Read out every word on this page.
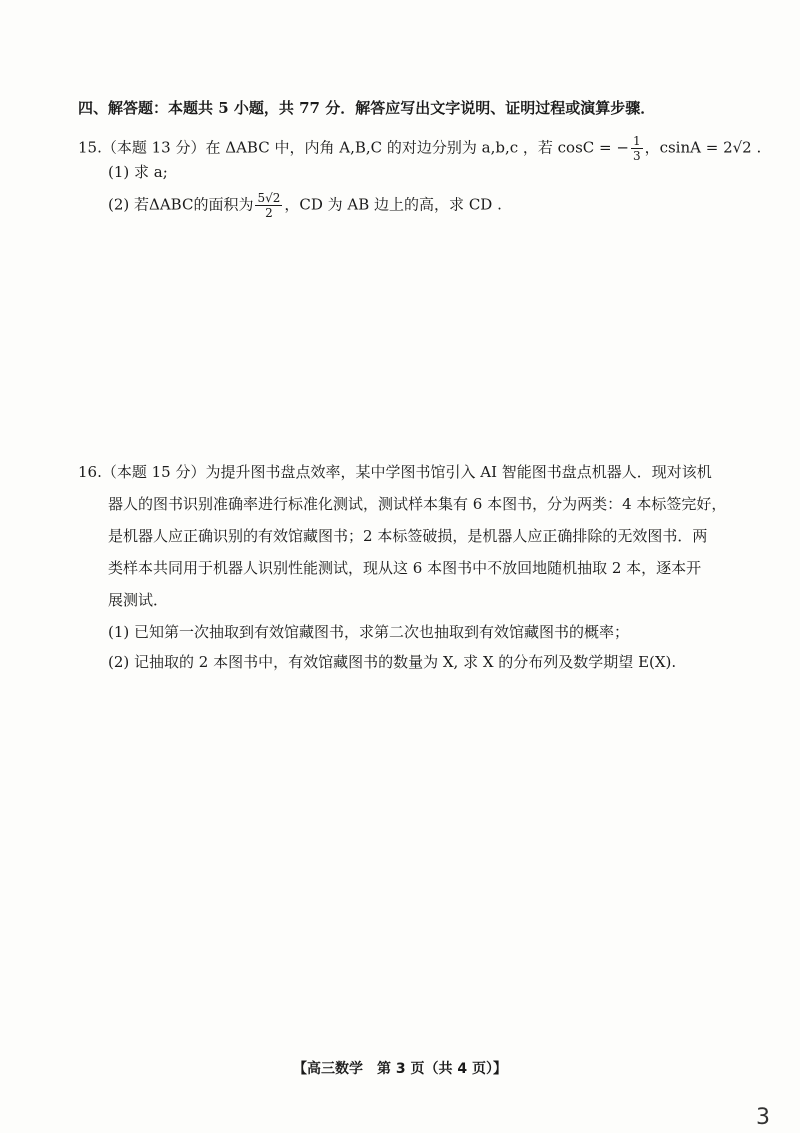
四、解答题：本题共 5 小题，共 77 分．解答应写出文字说明、证明过程或演算步骤．
15.（本题 13 分）在 ΔABC 中，内角 A,B,C 的对边分别为 a,b,c ，若 cosC = − $\frac{1}{3}$ ，csinA = 2√2 .
(1) 求 a;
(2) 若ΔABC的面积为 $\frac{5√2}{2}$ ，CD 为 AB 边上的高，求 CD .
16.（本题 15 分）为提升图书盘点效率，某中学图书馆引入 AI 智能图书盘点机器人．现对该机
器人的图书识别准确率进行标准化测试，测试样本集有 6 本图书，分为两类：4 本标签完好，
是机器人应正确识别的有效馆藏图书；2 本标签破损，是机器人应正确排除的无效图书．两
类样本共同用于机器人识别性能测试，现从这 6 本图书中不放回地随机抽取 2 本，逐本开
展测试．
(1) 已知第一次抽取到有效馆藏图书，求第二次也抽取到有效馆藏图书的概率；
(2) 记抽取的 2 本图书中，有效馆藏图书的数量为 X, 求 X 的分布列及数学期望 E(X).
【高三数学　第 3 页（共 4 页）】
3
